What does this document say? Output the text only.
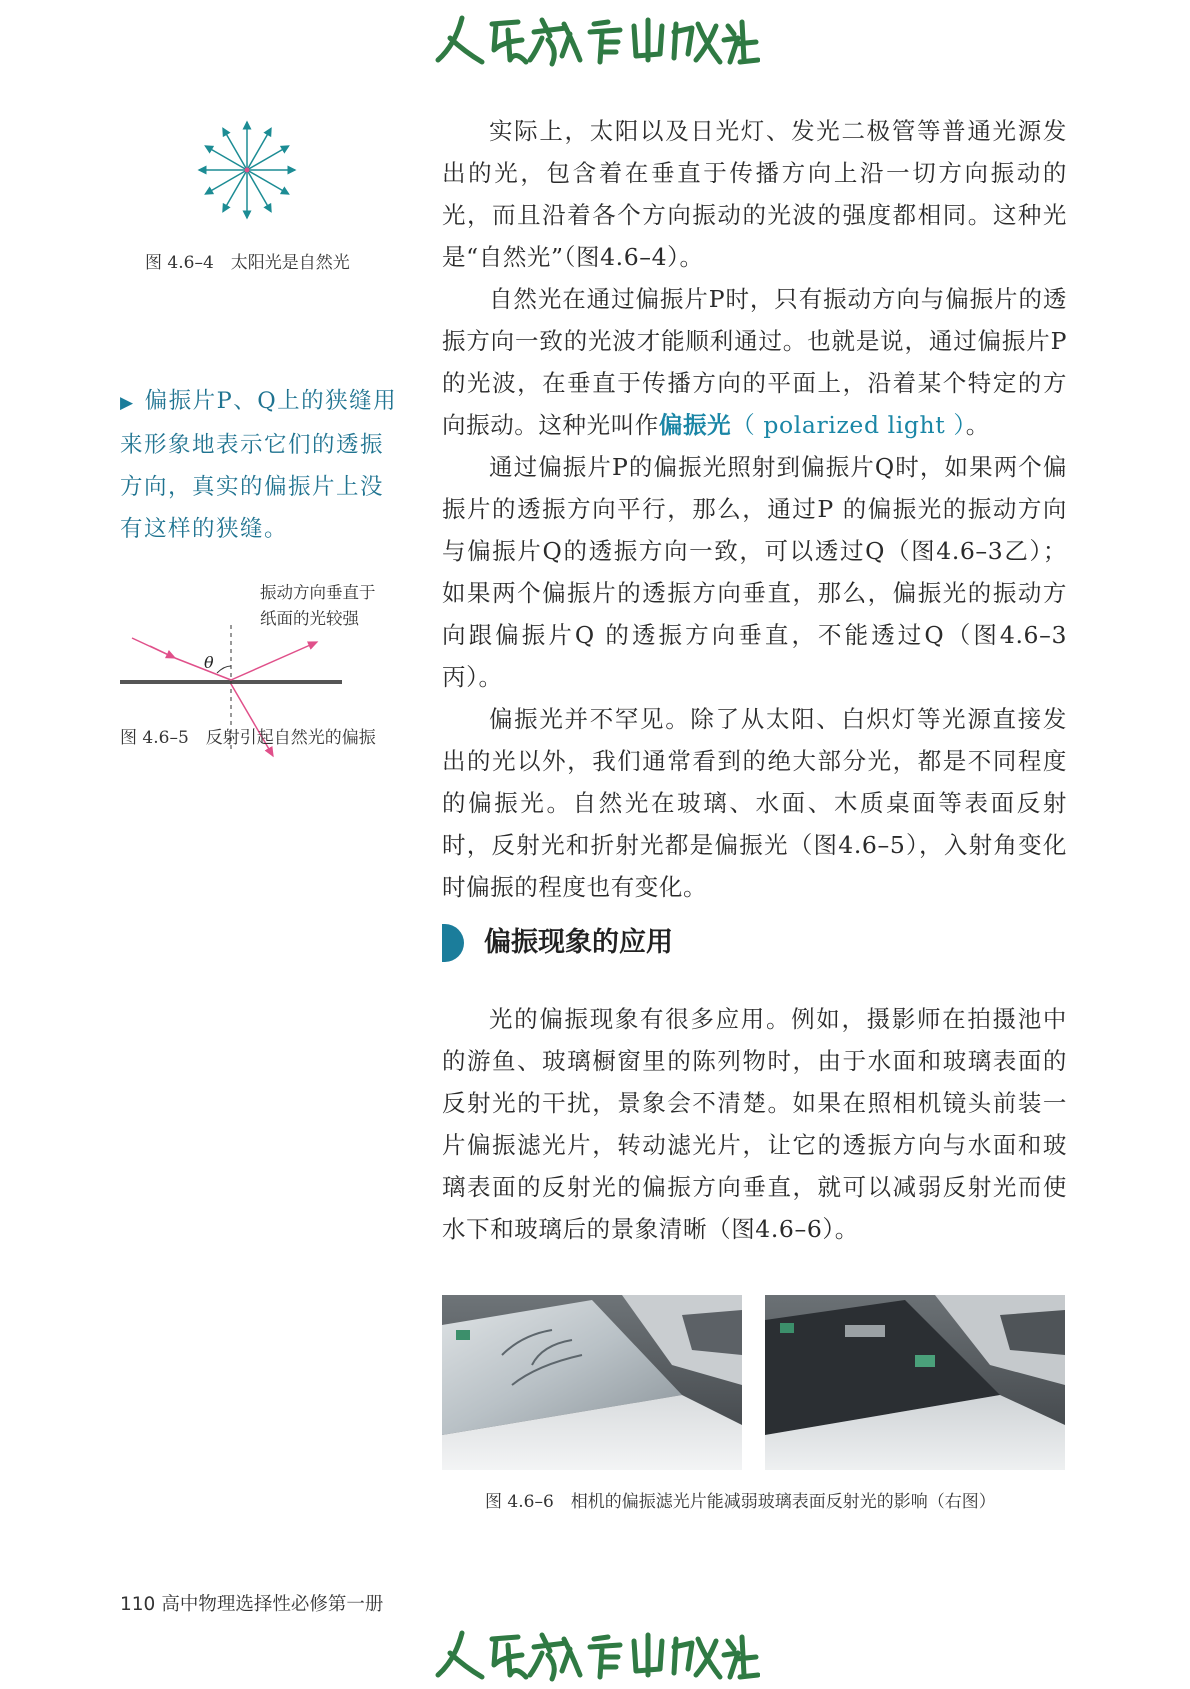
图 4.6–4　太阳光是自然光
▶ 偏振片P、Q上的狭缝用来形象地表示它们的透振方向，真实的偏振片上没有这样的狭缝。
振动方向垂直于
纸面的光较强
θ
图 4.6–5　反射引起自然光的偏振

实际上，太阳以及日光灯、发光二极管等普通光源发出的光，包含着在垂直于传播方向上沿一切方向振动的光，而且沿着各个方向振动的光波的强度都相同。这种光是“自然光”（图4.6–4）。

自然光在通过偏振片P时，只有振动方向与偏振片的透振方向一致的光波才能顺利通过。也就是说，通过偏振片P 的光波，在垂直于传播方向的平面上，沿着某个特定的方向振动。这种光叫作偏振光（ polarized light ）。

通过偏振片P的偏振光照射到偏振片Q时，如果两个偏振片的透振方向平行，那么，通过P 的偏振光的振动方向与偏振片Q的透振方向一致，可以透过Q（图4.6–3乙）；如果两个偏振片的透振方向垂直，那么，偏振光的振动方向跟偏振片Q 的透振方向垂直，不能透过Q（图4.6–3丙）。

偏振光并不罕见。除了从太阳、白炽灯等光源直接发出的光以外，我们通常看到的绝大部分光，都是不同程度的偏振光。自然光在玻璃、水面、木质桌面等表面反射时，反射光和折射光都是偏振光（图4.6–5），入射角变化时偏振的程度也有变化。

偏振现象的应用

光的偏振现象有很多应用。例如，摄影师在拍摄池中的游鱼、玻璃橱窗里的陈列物时，由于水面和玻璃表面的反射光的干扰，景象会不清楚。如果在照相机镜头前装一片偏振滤光片，转动滤光片，让它的透振方向与水面和玻璃表面的反射光的偏振方向垂直，就可以减弱反射光而使水下和玻璃后的景象清晰（图4.6–6）。

图 4.6–6　相机的偏振滤光片能减弱玻璃表面反射光的影响（右图）
110 高中物理选择性必修第一册
